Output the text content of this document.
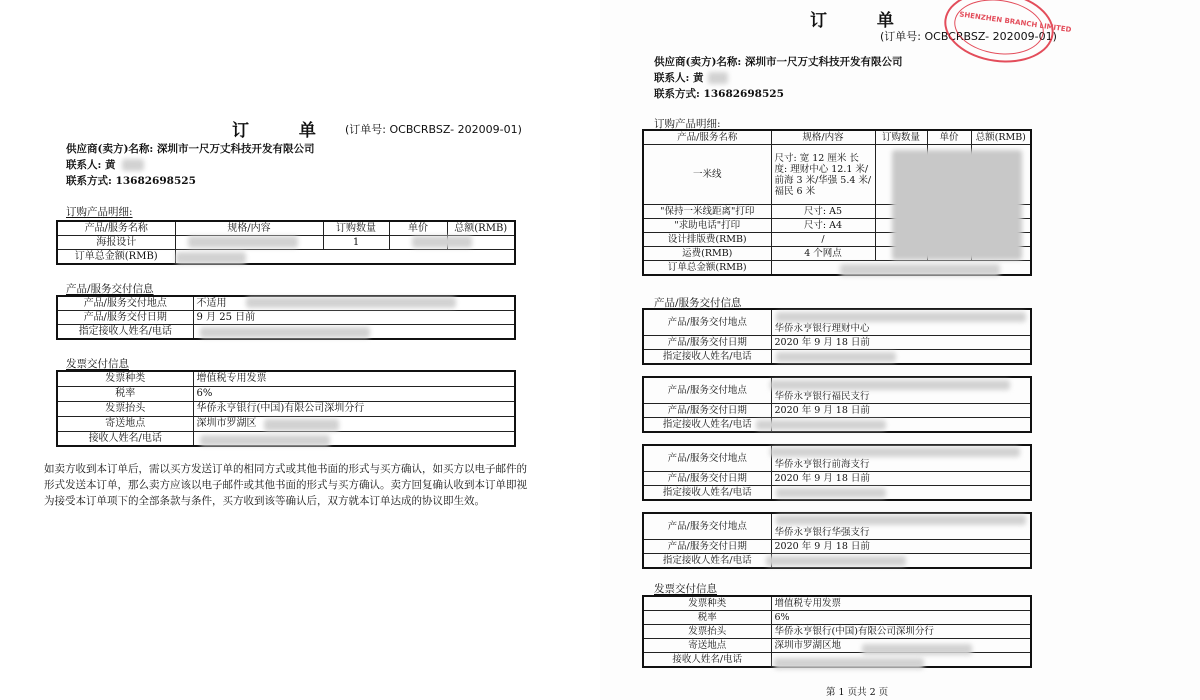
订 单 (订单号: OCBCRBSZ- 202009-01)
供应商(卖方)名称: 深圳市一尺万丈科技开发有限公司
联系人: 黄
联系方式: 13682698525
订购产品明细:
产品/服务名称	规格/内容	订购数量	单价	总额(RMB)
海报设计		1		
订单总金额(RMB)				
产品/服务交付信息
产品/服务交付地点	不适用
产品/服务交付日期	9 月 25 日前
指定接收人姓名/电话	
发票交付信息
发票种类	增值税专用发票
税率	6%
发票抬头	华侨永亨银行(中国)有限公司深圳分行
寄送地点	深圳市罗湖区
接收人姓名/电话	
如卖方收到本订单后，需以买方发送订单的相同方式或其他书面的形式与买方确认，如买方以电子邮件的形式发送本订单，那么卖方应该以电子邮件或其他书面的形式与买方确认。卖方回复确认收到本订单即视为接受本订单项下的全部条款与条件，买方收到该等确认后，双方就本订单达成的协议即生效。
订 单
(订单号: OCBCRBSZ- 202009-01)
SHENZHEN BRANCH LIMITED
供应商(卖方)名称: 深圳市一尺万丈科技开发有限公司
联系人: 黄
联系方式: 13682698525
订购产品明细:
产品/服务名称	规格/内容	订购数量	单价	总额(RMB)
一米线	尺寸: 宽 12 厘米 长度: 理财中心 12.1 米/前海 3 米/华强 5.4 米/福民 6 米			
"保持一米线距离"打印	尺寸: A5			
"求助电话"打印	尺寸: A4			
设计排版费(RMB)	/			
运费(RMB)	4 个网点			
订单总金额(RMB)				
产品/服务交付信息
产品/服务交付地点	华侨永亨银行理财中心
产品/服务交付日期	2020 年 9 月 18 日前
指定接收人姓名/电话	
产品/服务交付地点	华侨永亨银行福民支行
产品/服务交付日期	2020 年 9 月 18 日前
指定接收人姓名/电话	
产品/服务交付地点	华侨永亨银行前海支行
产品/服务交付日期	2020 年 9 月 18 日前
指定接收人姓名/电话	
产品/服务交付地点	华侨永亨银行华强支行
产品/服务交付日期	2020 年 9 月 18 日前
指定接收人姓名/电话	
发票交付信息
发票种类	增值税专用发票
税率	6%
发票抬头	华侨永亨银行(中国)有限公司深圳分行
寄送地点	深圳市罗湖区地
接收人姓名/电话	
第 1 页共 2 页
